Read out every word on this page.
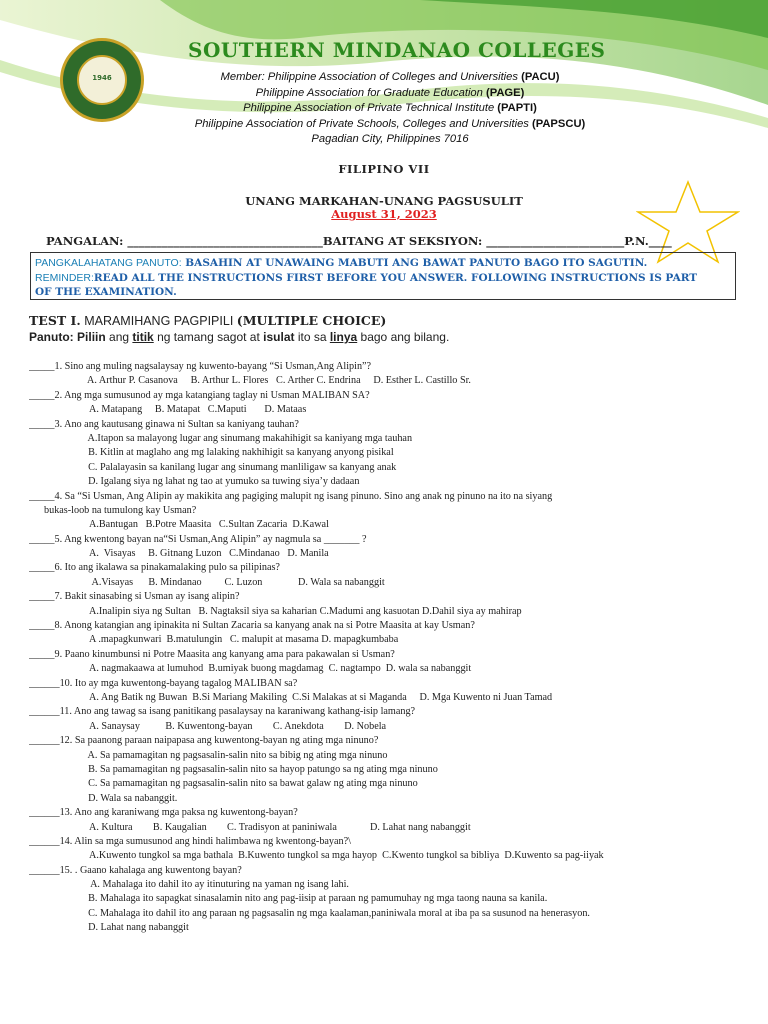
1946
SOUTHERN MINDANAO COLLEGES
Member: Philippine Association of Colleges and Universities (PACU)
Philippine Association for Graduate Education (PAGE)
Philippine Association of Private Technical Institute (PAPTI)
Philippine Association of Private Schools, Colleges and Universities (PAPSCU)
Pagadian City, Philippines 7016
FILIPINO VII
UNANG MARKAHAN-UNANG PAGSUSULIT
August 31, 2023
PANGALAN: __________________________________BAITANG AT SEKSIYON: ________________________P.N.____
PANGKALAHATANG PANUTO: BASAHIN AT UNAWAING MABUTI ANG BAWAT PANUTO BAGO ITO SAGUTIN.
REMINDER:READ ALL THE INSTRUCTIONS FIRST BEFORE YOU ANSWER. FOLLOWING INSTRUCTIONS IS PART
OF THE EXAMINATION.
TEST I. MARAMIHANG PAGPIPILI (MULTIPLE CHOICE)
Panuto: Piliin ang titik ng tamang sagot at isulat ito sa linya bago ang bilang.
_____1. Sino ang muling nagsalaysay ng kuwento-bayang “Si Usman,Ang Alipin”?
A. Arthur P. Casanova     B. Arthur L. Flores   C. Arther C. Endrina     D. Esther L. Castillo Sr.
_____2. Ang mga sumusunod ay mga katangiang taglay ni Usman MALIBAN SA?
A. Matapang     B. Matapat   C.Maputi       D. Mataas
_____3. Ano ang kautusang ginawa ni Sultan sa kaniyang tauhan?
A.Itapon sa malayong lugar ang sinumang makahihigit sa kaniyang mga tauhan
B. Kitlin at maglaho ang mg lalaking nakhihigit sa kanyang anyong pisikal
C. Palalayasin sa kanilang lugar ang sinumang manliligaw sa kanyang anak
D. Igalang siya ng lahat ng tao at yumuko sa tuwing siya’y dadaan
_____4. Sa “Si Usman, Ang Alipin ay makikita ang pagiging malupit ng isang pinuno. Sino ang anak ng pinuno na ito na siyang
bukas-loob na tumulong kay Usman?
A.Bantugan   B.Potre Maasita   C.Sultan Zacaria  D.Kawal
_____5. Ang kwentong bayan na“Si Usman,Ang Alipin” ay nagmula sa _______ ?
A.  Visayas     B. Gitnang Luzon   C.Mindanao   D. Manila
_____6. Ito ang ikalawa sa pinakamalaking pulo sa pilipinas?
A.Visayas      B. Mindanao         C. Luzon              D. Wala sa nabanggit
_____7. Bakit sinasabing si Usman ay isang alipin?
A.Inalipin siya ng Sultan   B. Nagtaksil siya sa kaharian C.Madumi ang kasuotan D.Dahil siya ay mahirap
_____8. Anong katangian ang ipinakita ni Sultan Zacaria sa kanyang anak na si Potre Maasita at kay Usman?
A .mapagkunwari  B.matulungin   C. malupit at masama D. mapagkumbaba
_____9. Paano kinumbunsi ni Potre Maasita ang kanyang ama para pakawalan si Usman?
A. nagmakaawa at lumuhod  B.umiyak buong magdamag  C. nagtampo  D. wala sa nabanggit
______10. Ito ay mga kuwentong-bayang tagalog MALIBAN sa?
A. Ang Batik ng Buwan  B.Si Mariang Makiling  C.Si Malakas at si Maganda     D. Mga Kuwento ni Juan Tamad
______11. Ano ang tawag sa isang panitikang pasalaysay na karaniwang kathang-isip lamang?
A. Sanaysay          B. Kuwentong-bayan        C. Anekdota        D. Nobela
______12. Sa paanong paraan naipapasa ang kuwentong-bayan ng ating mga ninuno?
A. Sa pamamagitan ng pagsasalin-salin nito sa bibig ng ating mga ninuno
B. Sa pamamagitan ng pagsasalin-salin nito sa hayop patungo sa ng ating mga ninuno
C. Sa pamamagitan ng pagsasalin-salin nito sa bawat galaw ng ating mga ninuno
D. Wala sa nabanggit.
______13. Ano ang karaniwang mga paksa ng kuwentong-bayan?
A. Kultura        B. Kaugalian        C. Tradisyon at paniniwala             D. Lahat nang nabanggit
______14. Alin sa mga sumusunod ang hindi halimbawa ng kwentong-bayan?\
A.Kuwento tungkol sa mga bathala  B.Kuwento tungkol sa mga hayop  C.Kwento tungkol sa bibliya  D.Kuwento sa pag-iiyak
______15. . Gaano kahalaga ang kuwentong bayan?
A. Mahalaga ito dahil ito ay itinuturing na yaman ng isang lahi.
B. Mahalaga ito sapagkat sinasalamin nito ang pag-iisip at paraan ng pamumuhay ng mga taong nauna sa kanila.
C. Mahalaga ito dahil ito ang paraan ng pagsasalin ng mga kaalaman,paniniwala moral at iba pa sa susunod na henerasyon.
D. Lahat nang nabanggit
